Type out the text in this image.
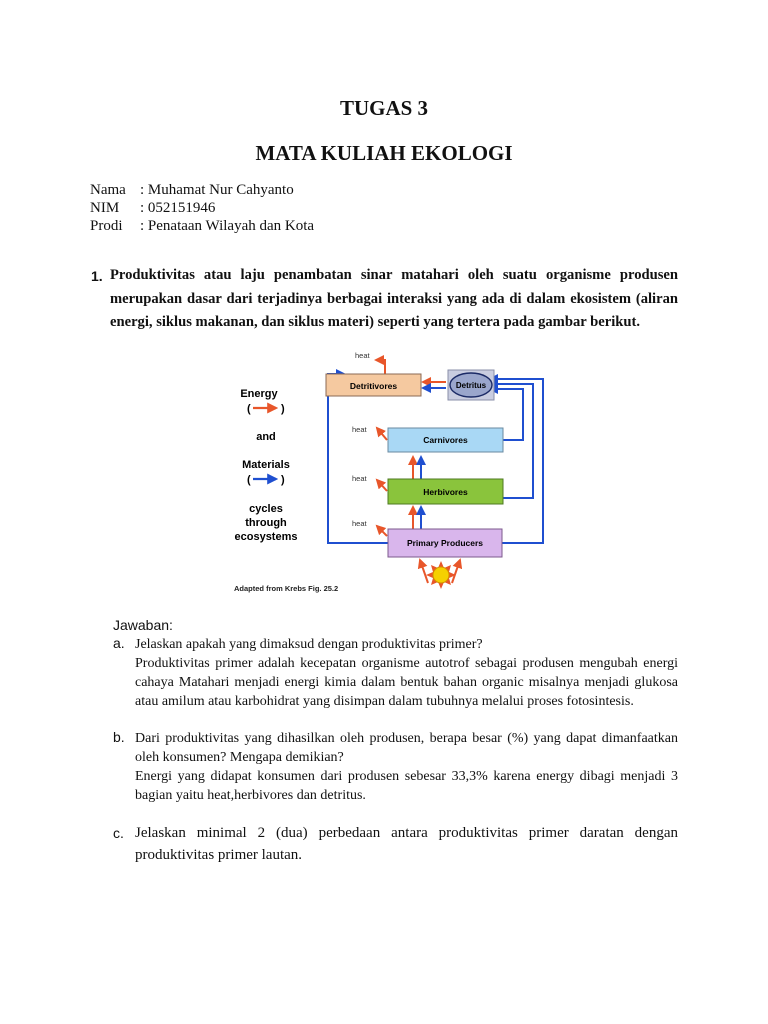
TUGAS 3
MATA KULIAH EKOLOGI
Nama : Muhamat Nur Cahyanto
NIM : 052151946
Prodi : Penataan Wilayah dan Kota
1. Produktivitas atau laju penambatan sinar matahari oleh suatu organisme produsen merupakan dasar dari terjadinya berbagai interaksi yang ada di dalam ekosistem (aliran energi, siklus makanan, dan siklus materi) seperti yang tertera pada gambar berikut.
Energy
(	)
and
Materials
(	)
cycles
through
ecosystems
heat
heat
heat
heat
Detritivores	Detritus
Carnivores
Herbivores
Primary Producers
Adapted from Krebs Fig. 25.2
Jawaban:
a. Jelaskan apakah yang dimaksud dengan produktivitas primer?

Produktivitas primer adalah kecepatan organisme autotrof sebagai produsen mengubah energi cahaya Matahari menjadi energi kimia dalam bentuk bahan organic misalnya menjadi glukosa atau amilum atau karbohidrat yang disimpan dalam tubuhnya melalui proses fotosintesis.

b. Dari produktivitas yang dihasilkan oleh produsen, berapa besar (%) yang dapat dimanfaatkan oleh konsumen? Mengapa demikian?

Energi yang didapat konsumen dari produsen sebesar 33,3% karena energy dibagi menjadi 3 bagian yaitu heat,herbivores dan detritus.

c. Jelaskan minimal 2 (dua) perbedaan antara produktivitas primer daratan dengan produktivitas primer lautan.
